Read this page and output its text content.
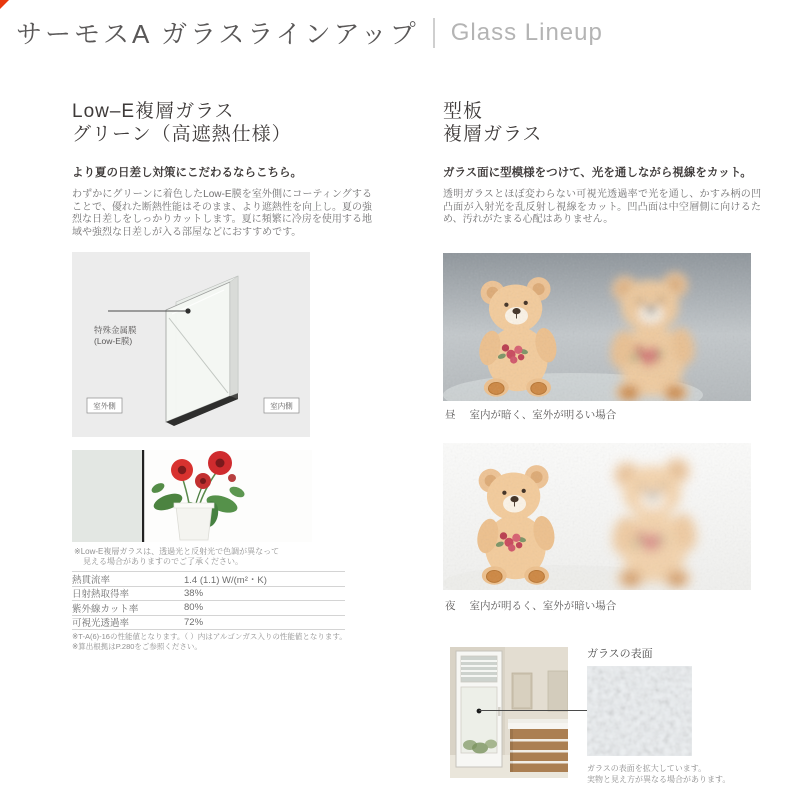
サーモスA ガラスラインアップ Glass Lineup
Low–E複層ガラス
グリーン（高遮熱仕様）
より夏の日差し対策にこだわるならこちら。
わずかにグリーンに着色したLow-E膜を室外側にコーティングすることで、優れた断熱性能はそのまま、より遮熱性を向上し。夏の強烈な日差しをしっかりカットします。夏に頻繁に冷房を使用する地域や強烈な日差しが入る部屋などにおすすめです。
特殊金属膜
(Low-E膜)
室外側	室内側
※Low-E複層ガラスは、透過光と反射光で色調が異なって
見える場合がありますのでご了承ください。
熱貫流率	1.4 (1.1) W/(m²・K)
日射熱取得率	38%
紫外線カット率	80%
可視光透過率	72%
※T-A(6)-16の性能値となります。（ ）内はアルゴンガス入りの性能値となります。
※算出根拠はP.280をご参照ください。
型板
複層ガラス
ガラス面に型模様をつけて、光を通しながら視線をカット。
透明ガラスとほぼ変わらない可視光透過率で光を通し、かすみ柄の凹凸面が入射光を乱反射し視線をカット。凹凸面は中空層側に向けるため、汚れがたまる心配はありません。
昼 室内が暗く、室外が明るい場合
夜 室内が明るく、室外が暗い場合
ガラスの表面
ガラスの表面を拡大しています。
実物と見え方が異なる場合があります。
